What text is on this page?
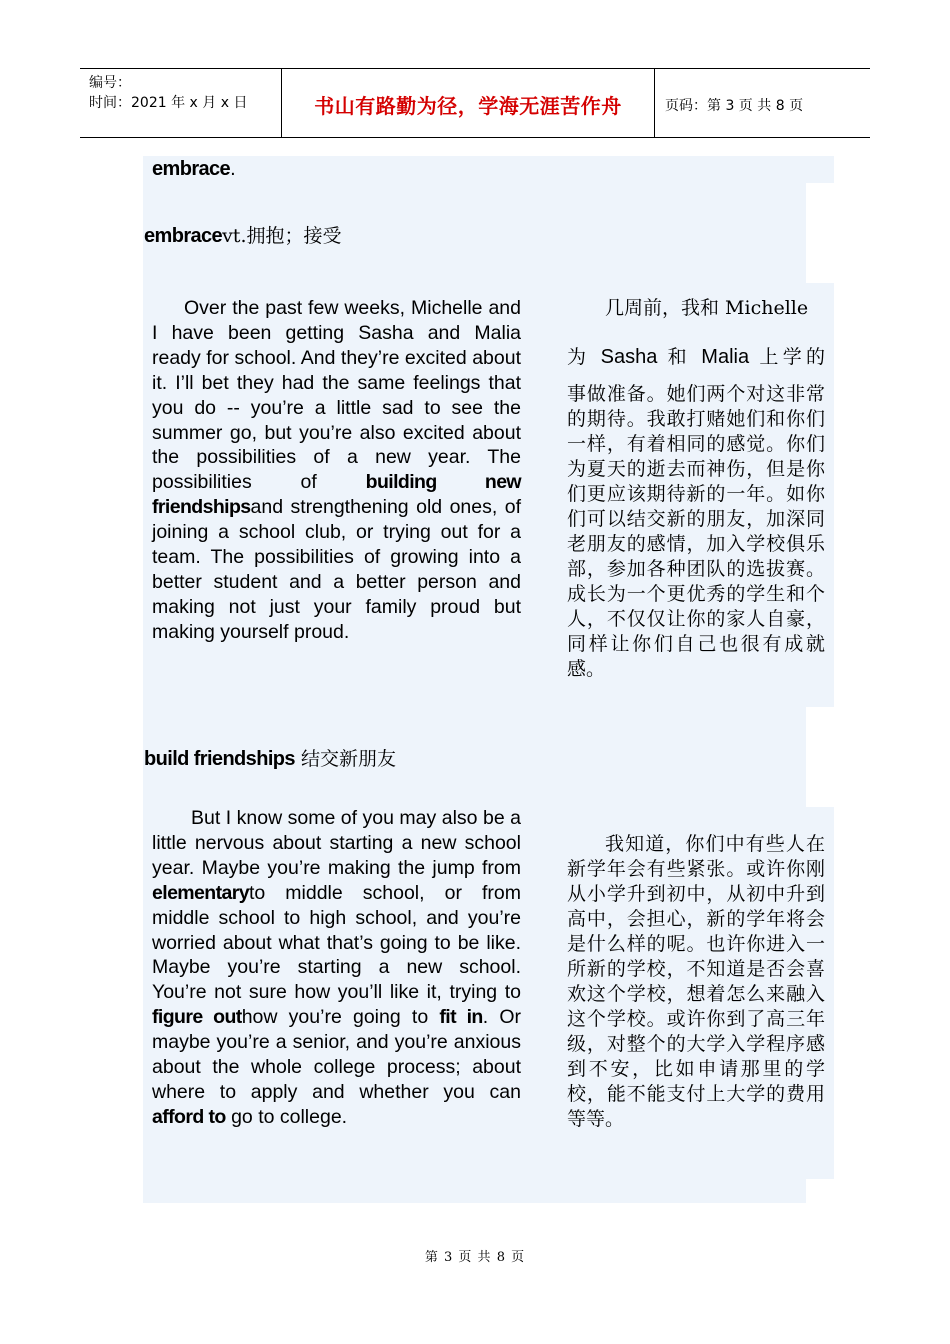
编号：
时间：2021 年 x 月 x 日	书山有路勤为径，学海无涯苦作舟	页码：第 3 页 共 8 页
embrace.
embracevt.拥抱；接受
Over the past few weeks, Michelle and I have been getting Sasha and Malia ready for school. And they’re excited about it. I’ll bet they had the same feelings that you do -- you’re a little sad to see the summer go, but you’re also excited about the possibilities of a new year. The possibilities of building new friendshipsand strengthening old ones, of joining a school club, or trying out for a team. The possibilities of growing into a better student and a better person and making not just your family proud but making yourself proud.
几周前，我和 Michelle
为 Sasha 和 Malia 上学的
事做准备。她们两个对这非常的期待。我敢打赌她们和你们一样，有着相同的感觉。你们为夏天的逝去而神伤，但是你们更应该期待新的一年。如你们可以结交新的朋友，加深同老朋友的感情，加入学校俱乐部，参加各种团队的选拔赛。成长为一个更优秀的学生和个人，不仅仅让你的家人自豪，同样让你们自己也很有成就感。
build friendships 结交新朋友
But I know some of you may also be a little nervous about starting a new school year. Maybe you’re making the jump from elementaryto middle school, or from middle school to high school, and you’re worried about what that’s going to be like. Maybe you’re starting a new school. You’re not sure how you’ll like it, trying to figure outhow you’re going to fit in. Or maybe you’re a senior, and you’re anxious about the whole college process; about where to apply and whether you can afford to go to college.
我知道，你们中有些人在新学年会有些紧张。或许你刚从小学升到初中，从初中升到高中，会担心，新的学年将会是什么样的呢。也许你进入一所新的学校，不知道是否会喜欢这个学校，想着怎么来融入这个学校。或许你到了高三年级，对整个的大学入学程序感到不安，比如申请那里的学校，能不能支付上大学的费用等等。
第 3 页 共 8 页
